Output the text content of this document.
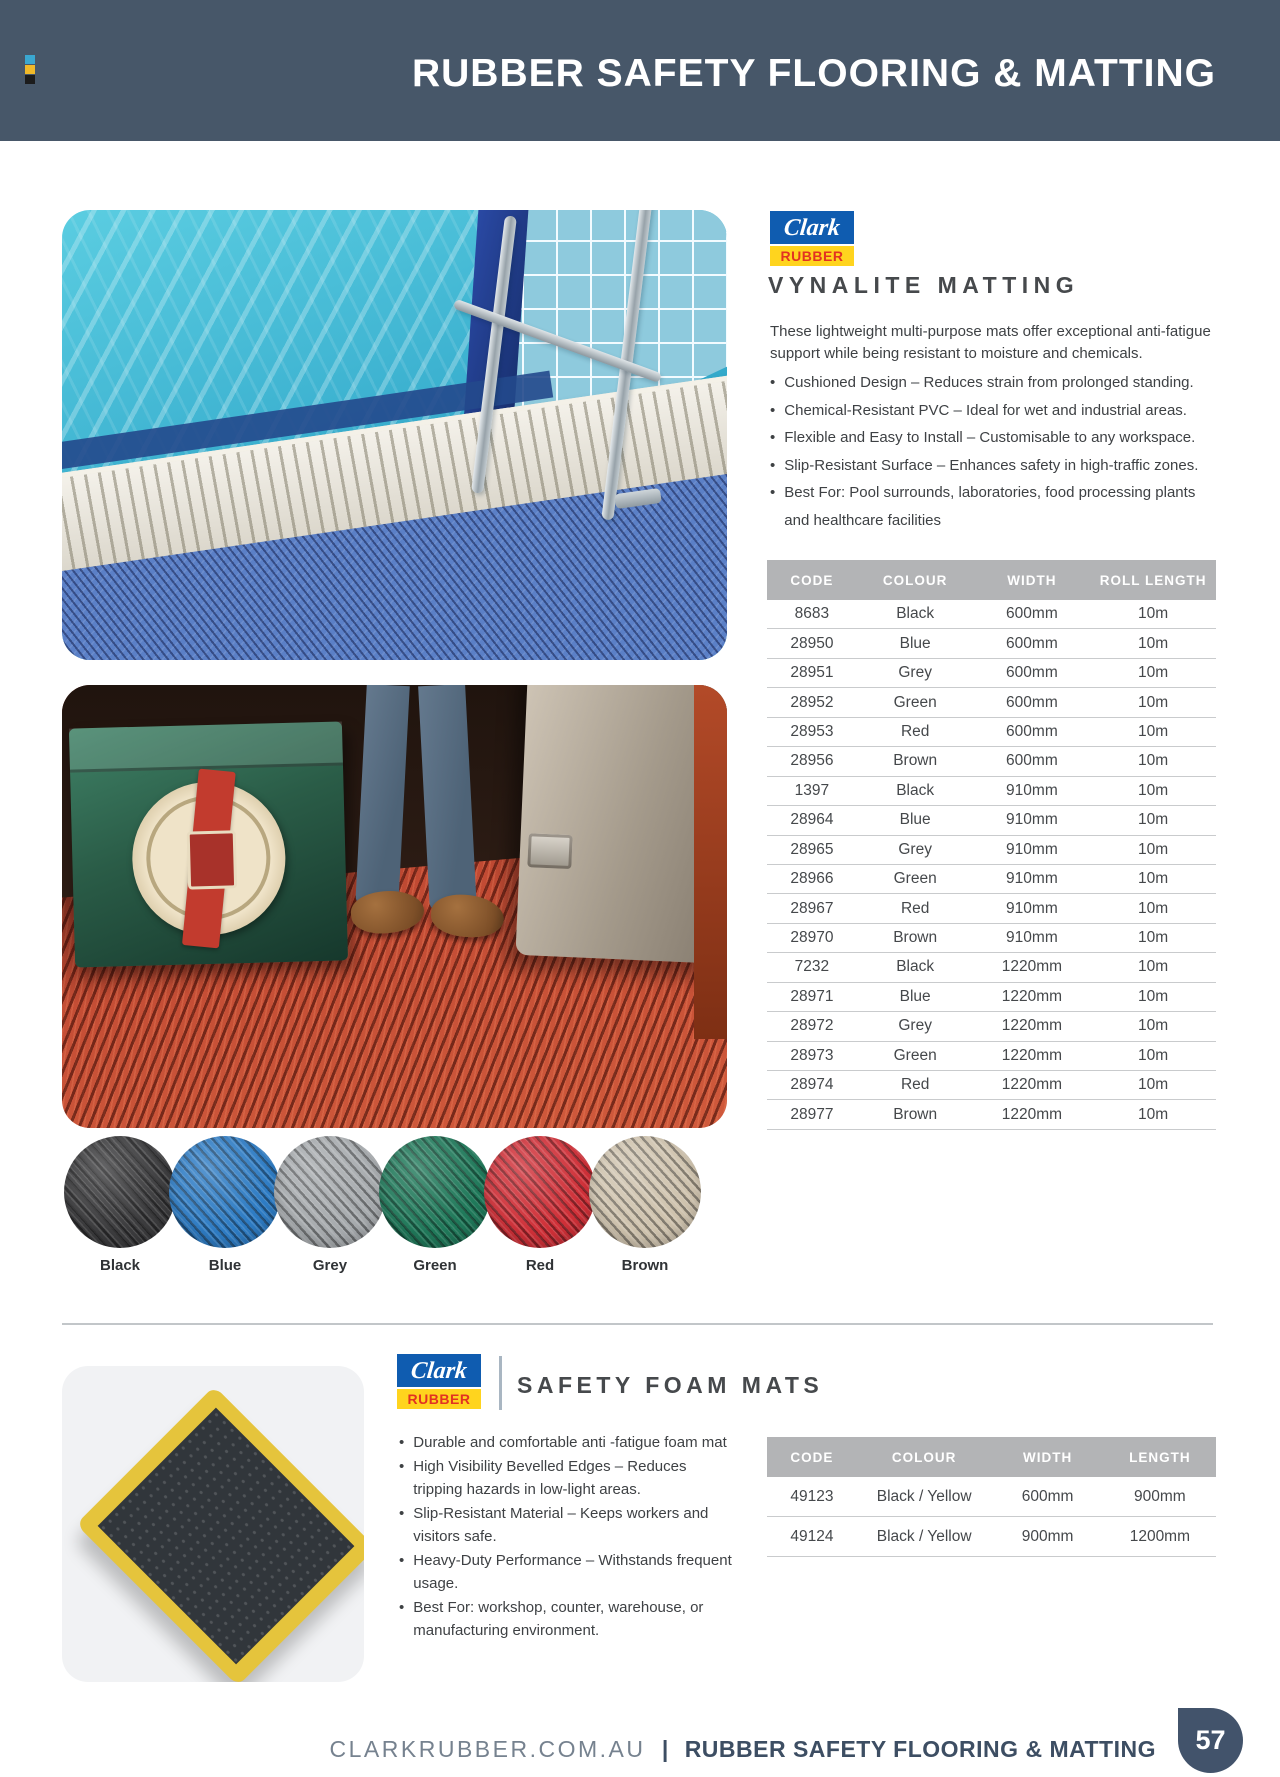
RUBBER SAFETY FLOORING & MATTING
Clark
RUBBER
VYNALITE MATTING
These lightweight multi-purpose mats offer exceptional anti-fatigue support while being resistant to moisture and chemicals.
• Cushioned Design – Reduces strain from prolonged standing.
• Chemical-Resistant PVC – Ideal for wet and industrial areas.
• Flexible and Easy to Install – Customisable to any workspace.
• Slip-Resistant Surface – Enhances safety in high-traffic zones.
• Best For: Pool surrounds, laboratories, food processing plants and healthcare facilities
CODE	COLOUR	WIDTH	ROLL LENGTH
8683	Black	600mm	10m
28950	Blue	600mm	10m
28951	Grey	600mm	10m
28952	Green	600mm	10m
28953	Red	600mm	10m
28956	Brown	600mm	10m
1397	Black	910mm	10m
28964	Blue	910mm	10m
28965	Grey	910mm	10m
28966	Green	910mm	10m
28967	Red	910mm	10m
28970	Brown	910mm	10m
7232	Black	1220mm	10m
28971	Blue	1220mm	10m
28972	Grey	1220mm	10m
28973	Green	1220mm	10m
28974	Red	1220mm	10m
28977	Brown	1220mm	10m
Black	Blue	Grey	Green	Red	Brown
Clark
RUBBER
SAFETY FOAM MATS
• Durable and comfortable anti -fatigue foam mat
• High Visibility Bevelled Edges – Reduces tripping hazards in low-light areas.
• Slip-Resistant Material – Keeps workers and visitors safe.
• Heavy-Duty Performance – Withstands frequent usage.
• Best For: workshop, counter, warehouse, or manufacturing environment.
CODE	COLOUR	WIDTH	LENGTH
49123	Black / Yellow	600mm	900mm
49124	Black / Yellow	900mm	1200mm
CLARKRUBBER.COM.AU | RUBBER SAFETY FLOORING & MATTING 57
